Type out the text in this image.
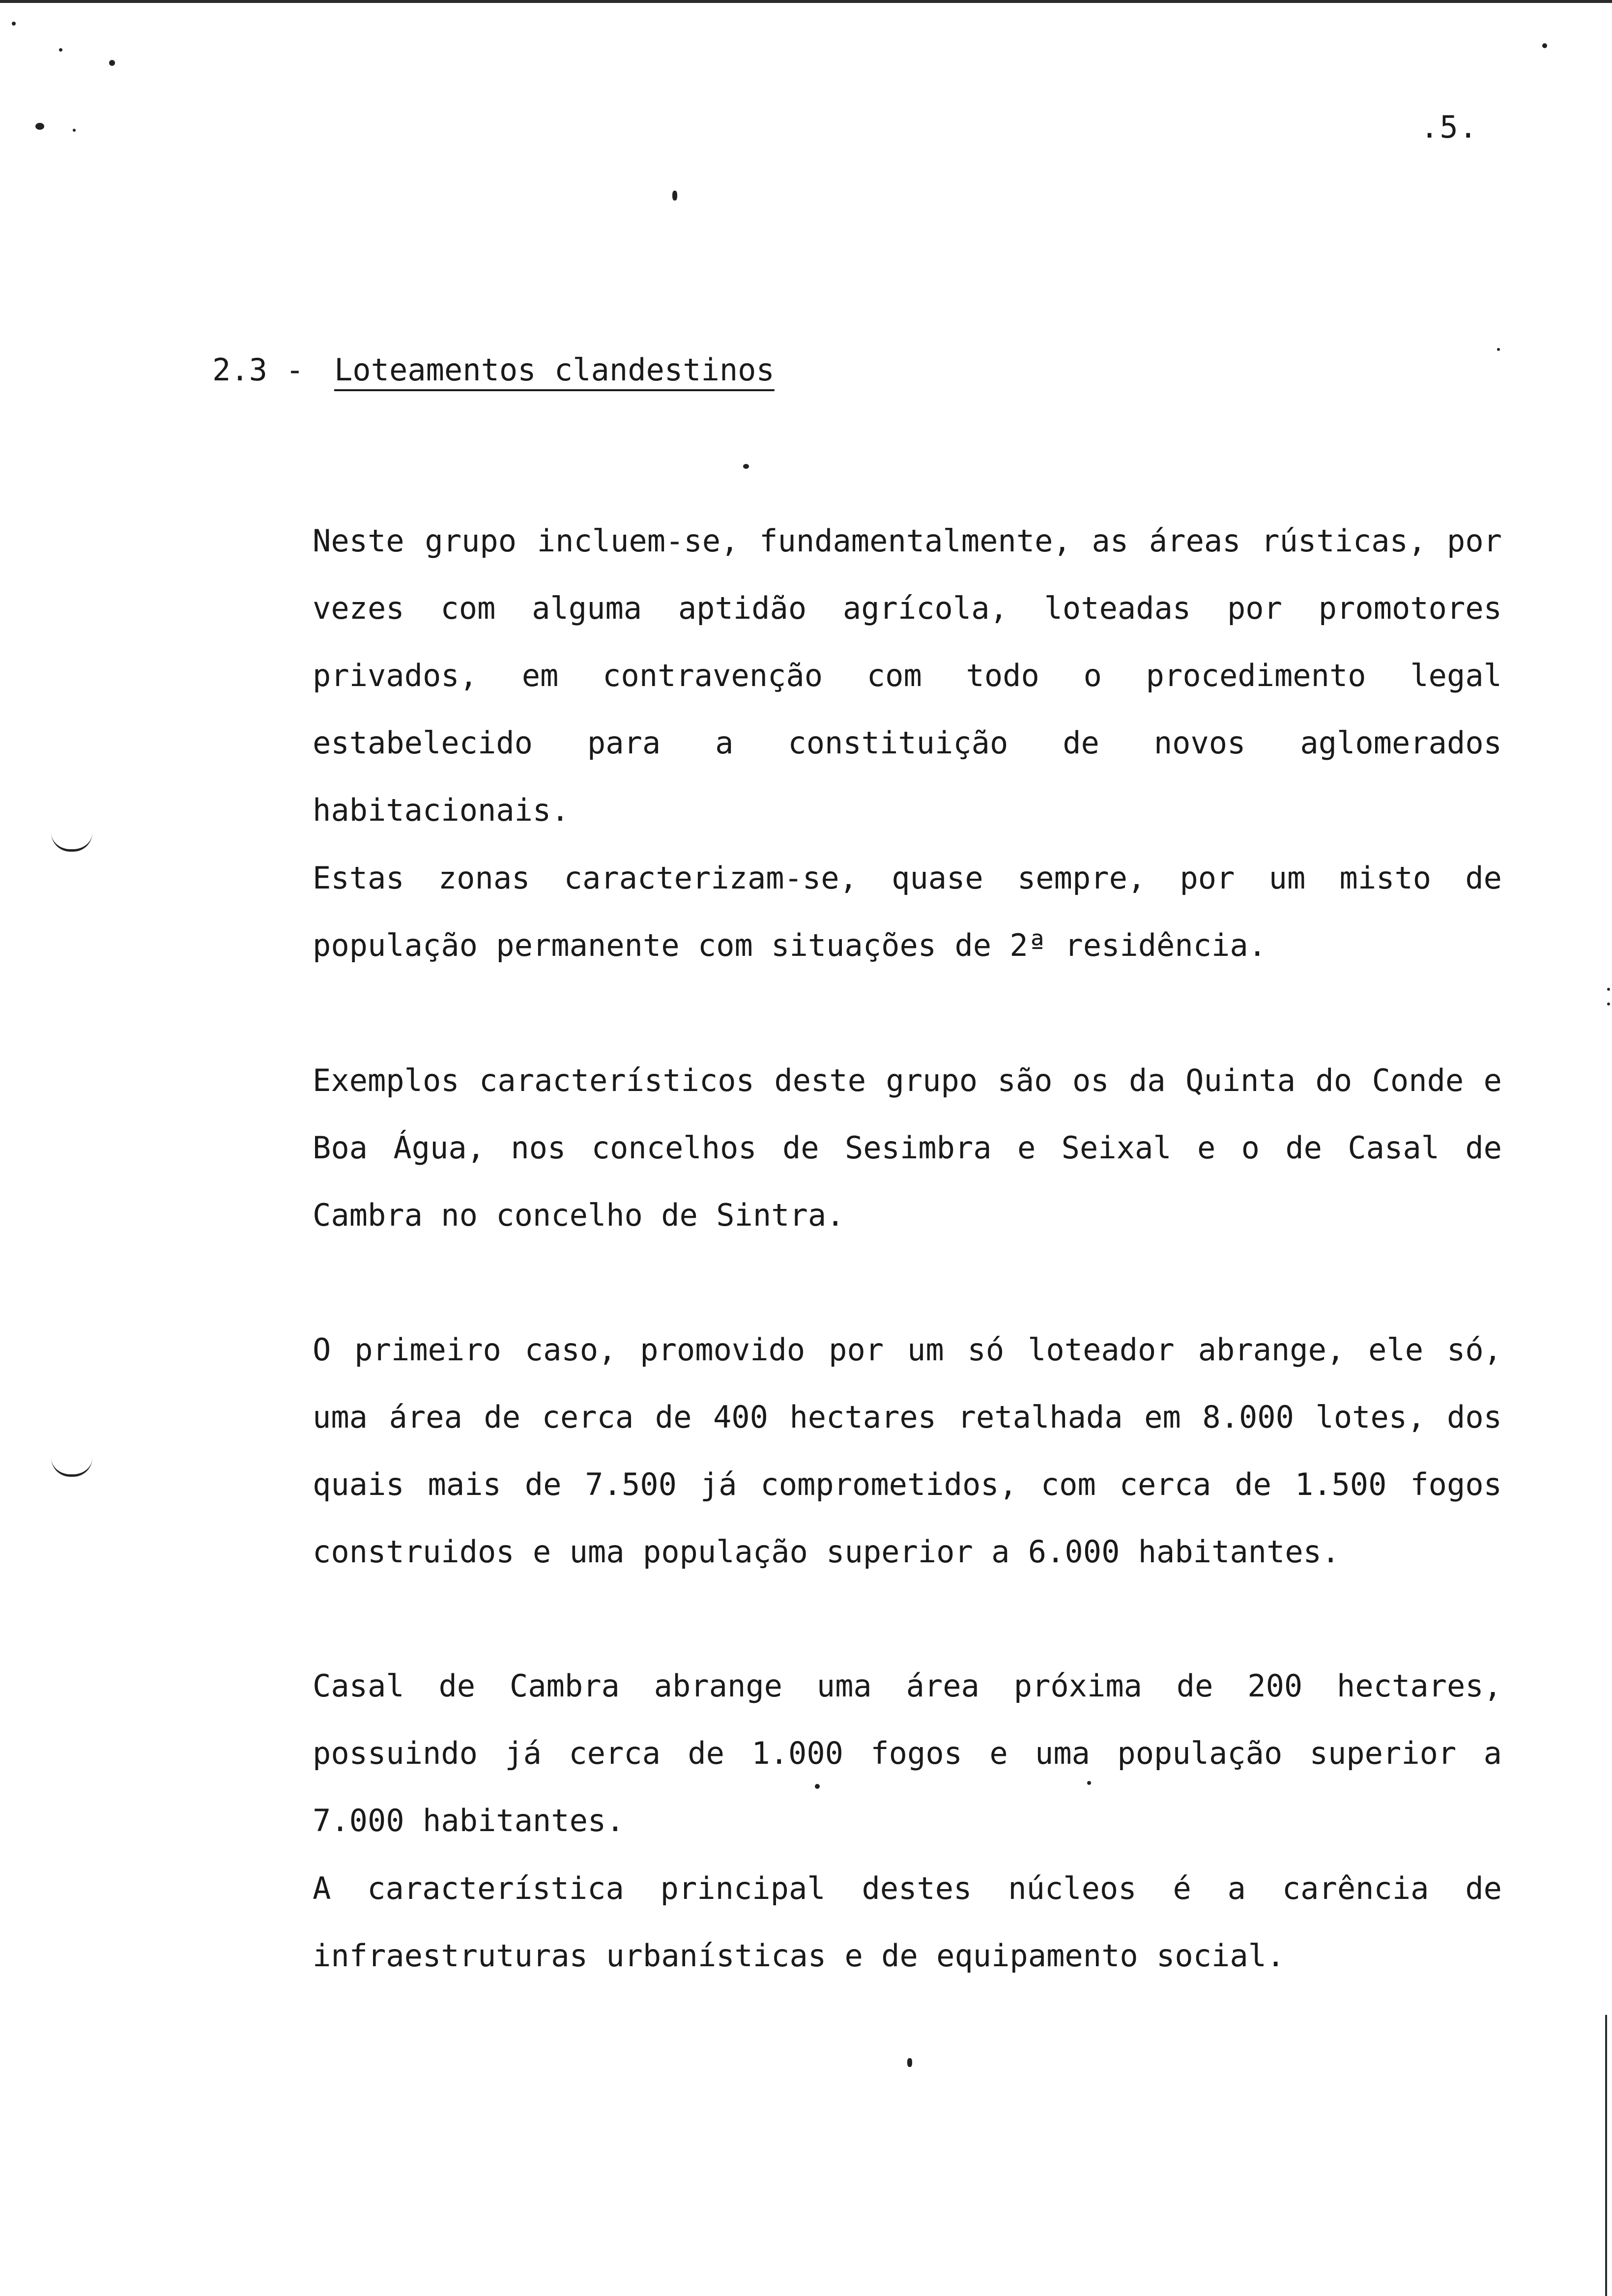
.5.
2.3 - Loteamentos clandestinos

Neste grupo incluem-se, fundamentalmente, as áreas rústicas, por vezes com alguma aptidão agrícola, loteadas por promotores privados, em contravenção com todo o procedimento legal estabelecido para a constituição de novos aglomerados habitacionais.

Estas zonas caracterizam-se, quase sempre, por um misto de população permanente com situações de 2ª residência.

Exemplos característicos deste grupo são os da Quinta do Conde e Boa Água, nos concelhos de Sesimbra e Seixal e o de Casal de Cambra no concelho de Sintra.

O primeiro caso, promovido por um só loteador abrange, ele só, uma área de cerca de 400 hectares retalhada em 8.000 lotes, dos quais mais de 7.500 já comprometidos, com cerca de 1.500 fogos construidos e uma população superior a 6.000 habitantes.

Casal de Cambra abrange uma área próxima de 200 hectares, possuindo já cerca de 1.000 fogos e uma população superior a 7.000 habitantes.

A característica principal destes núcleos é a carência de infraestruturas urbanísticas e de equipamento social.
